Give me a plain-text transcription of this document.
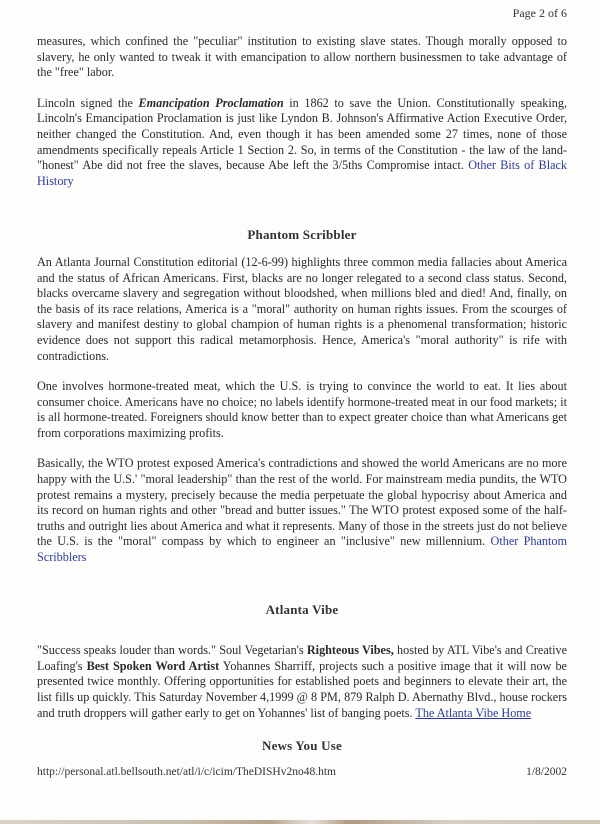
Page 2 of 6

measures, which confined the "peculiar" institution to existing slave states. Though morally opposed to slavery, he only wanted to tweak it with emancipation to allow northern businessmen to take advantage of the "free" labor.

Lincoln signed the Emancipation Proclamation in 1862 to save the Union. Constitutionally speaking, Lincoln's Emancipation Proclamation is just like Lyndon B. Johnson's Affirmative Action Executive Order, neither changed the Constitution. And, even though it has been amended some 27 times, none of those amendments specifically repeals Article 1 Section 2. So, in terms of the Constitution - the law of the land- "honest" Abe did not free the slaves, because Abe left the 3/5ths Compromise intact. Other Bits of Black History

Phantom Scribbler

An Atlanta Journal Constitution editorial (12-6-99) highlights three common media fallacies about America and the status of African Americans. First, blacks are no longer relegated to a second class status. Second, blacks overcame slavery and segregation without bloodshed, when millions bled and died! And, finally, on the basis of its race relations, America is a "moral" authority on human rights issues. From the scourges of slavery and manifest destiny to global champion of human rights is a phenomenal transformation; historic evidence does not support this radical metamorphosis. Hence, America's "moral authority" is rife with contradictions.

One involves hormone-treated meat, which the U.S. is trying to convince the world to eat. It lies about consumer choice. Americans have no choice; no labels identify hormone-treated meat in our food markets; it is all hormone-treated. Foreigners should know better than to expect greater choice than what Americans get from corporations maximizing profits.

Basically, the WTO protest exposed America's contradictions and showed the world Americans are no more happy with the U.S.' "moral leadership" than the rest of the world. For mainstream media pundits, the WTO protest remains a mystery, precisely because the media perpetuate the global hypocrisy about America and its record on human rights and other "bread and butter issues." The WTO protest exposed some of the half-truths and outright lies about America and what it represents. Many of those in the streets just do not believe the U.S. is the "moral" compass by which to engineer an "inclusive" new millennium. Other Phantom Scribblers

Atlanta Vibe

"Success speaks louder than words." Soul Vegetarian's Righteous Vibes, hosted by ATL Vibe's and Creative Loafing's Best Spoken Word Artist Yohannes Sharriff, projects such a positive image that it will now be presented twice monthly. Offering opportunities for established poets and beginners to elevate their art, the list fills up quickly. This Saturday November 4,1999 @ 8 PM, 879 Ralph D. Abernathy Blvd., house rockers and truth droppers will gather early to get on Yohannes' list of banging poets. The Atlanta Vibe Home

News You Use
http://personal.atl.bellsouth.net/atl/i/c/icim/TheDISHv2no48.htm	1/8/2002
